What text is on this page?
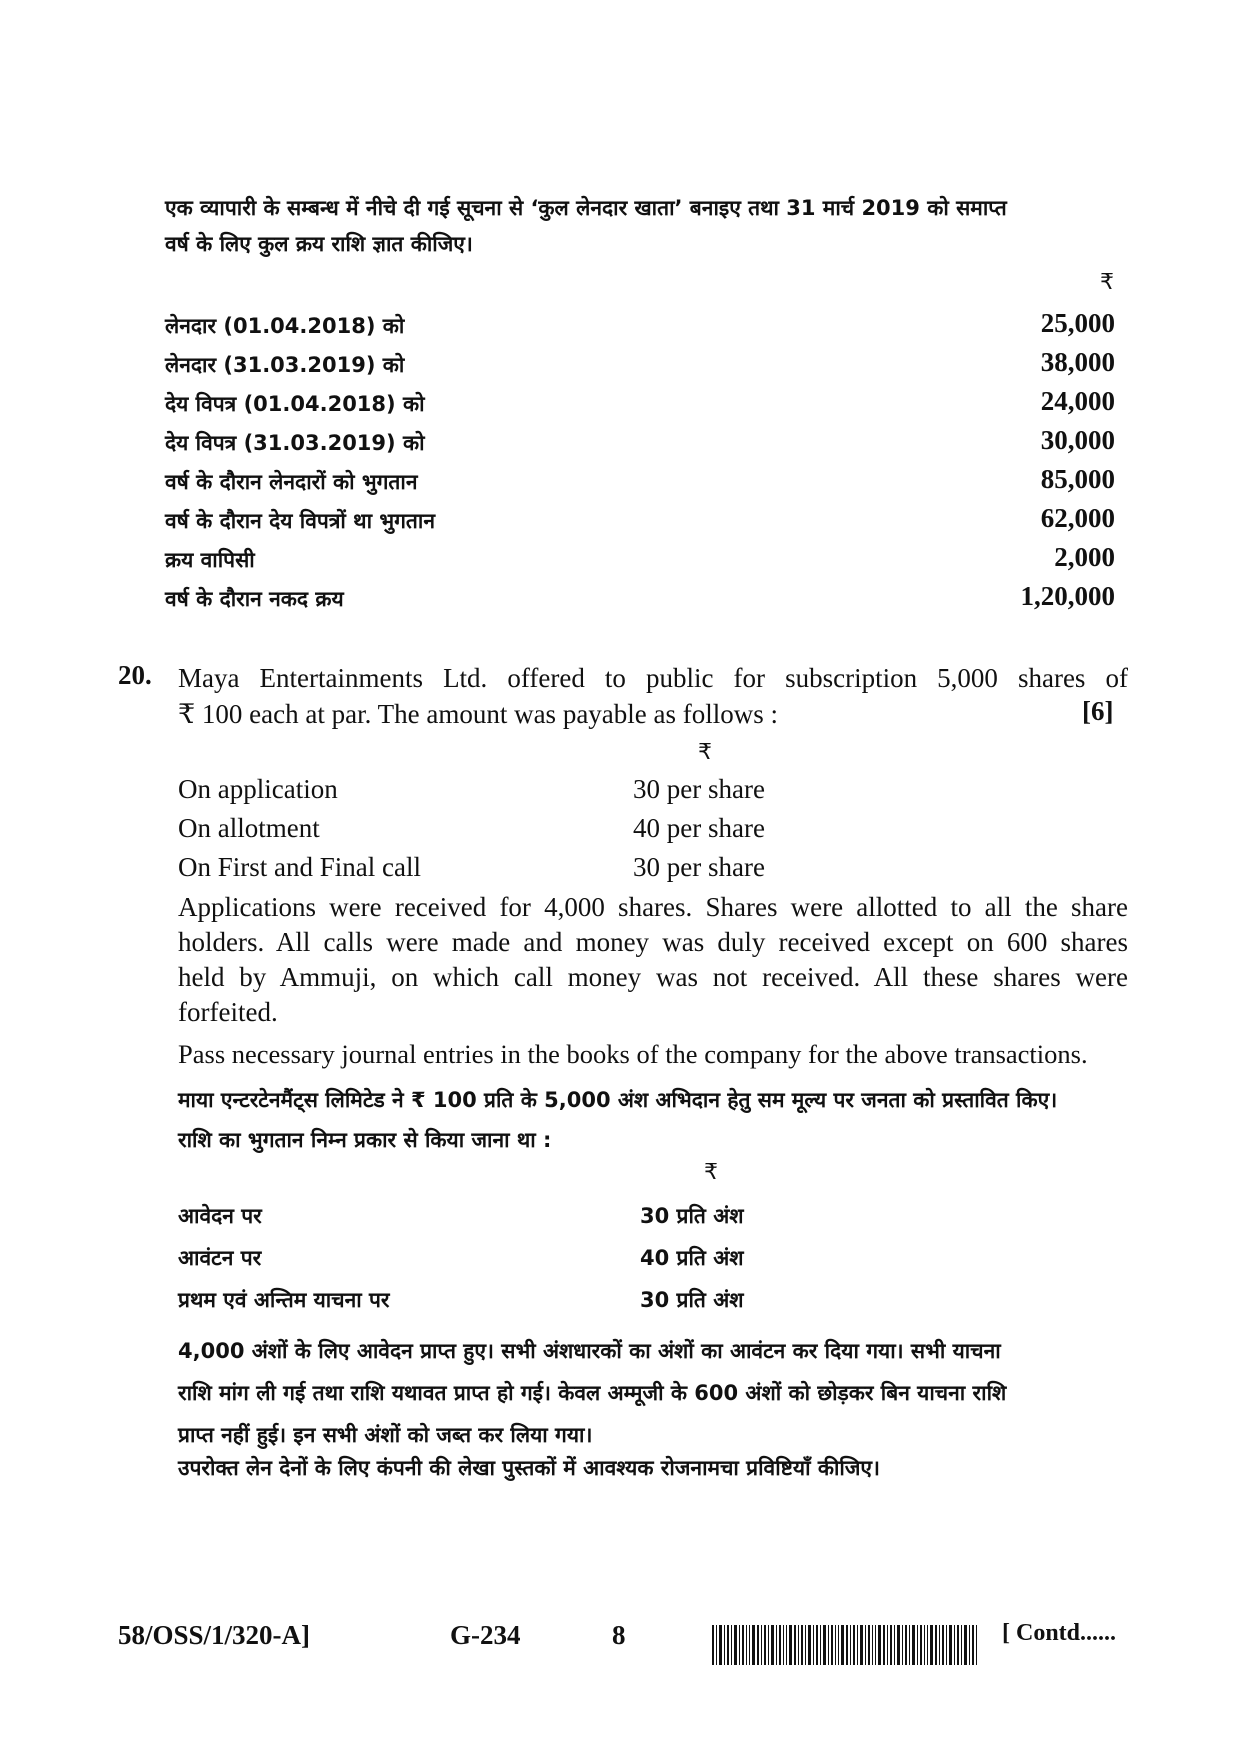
एक व्यापारी के सम्बन्ध में नीचे दी गई सूचना से ‘कुल लेनदार खाता’ बनाइए तथा 31 मार्च 2019 को समाप्त
वर्ष के लिए कुल क्रय राशि ज्ञात कीजिए।
₹
लेनदार (01.04.2018) को	25,000
लेनदार (31.03.2019) को	38,000
देय विपत्र (01.04.2018) को	24,000
देय विपत्र (31.03.2019) को	30,000
वर्ष के दौरान लेनदारों को भुगतान	85,000
वर्ष के दौरान देय विपत्रों था भुगतान	62,000
क्रय वापिसी	2,000
वर्ष के दौरान नकद क्रय	1,20,000
20. Maya Entertainments Ltd. offered to public for subscription 5,000 shares of
₹ 100 each at par. The amount was payable as follows :	[6]
₹
On application	30 per share
On allotment	40 per share
On First and Final call	30 per share
Applications were received for 4,000 shares. Shares were allotted to all the share
holders. All calls were made and money was duly received except on 600 shares
held by Ammuji, on which call money was not received. All these shares were
forfeited.
Pass necessary journal entries in the books of the company for the above transactions.
माया एन्टरटेनमैंट्स लिमिटेड ने ₹ 100 प्रति के 5,000 अंश अभिदान हेतु सम मूल्य पर जनता को प्रस्तावित किए।
राशि का भुगतान निम्न प्रकार से किया जाना था :
₹
आवेदन पर	30 प्रति अंश
आवंटन पर	40 प्रति अंश
प्रथम एवं अन्तिम याचना पर	30 प्रति अंश
4,000 अंशों के लिए आवेदन प्राप्त हुए। सभी अंशधारकों का अंशों का आवंटन कर दिया गया। सभी याचना
राशि मांग ली गई तथा राशि यथावत प्राप्त हो गई। केवल अम्मूजी के 600 अंशों को छोड़कर बिन याचना राशि
प्राप्त नहीं हुई। इन सभी अंशों को जब्त कर लिया गया।
उपरोक्त लेन देनों के लिए कंपनी की लेखा पुस्तकों में आवश्यक रोजनामचा प्रविष्टियाँ कीजिए।
58/OSS/1/320-A]	G-234	8	[ Contd......
